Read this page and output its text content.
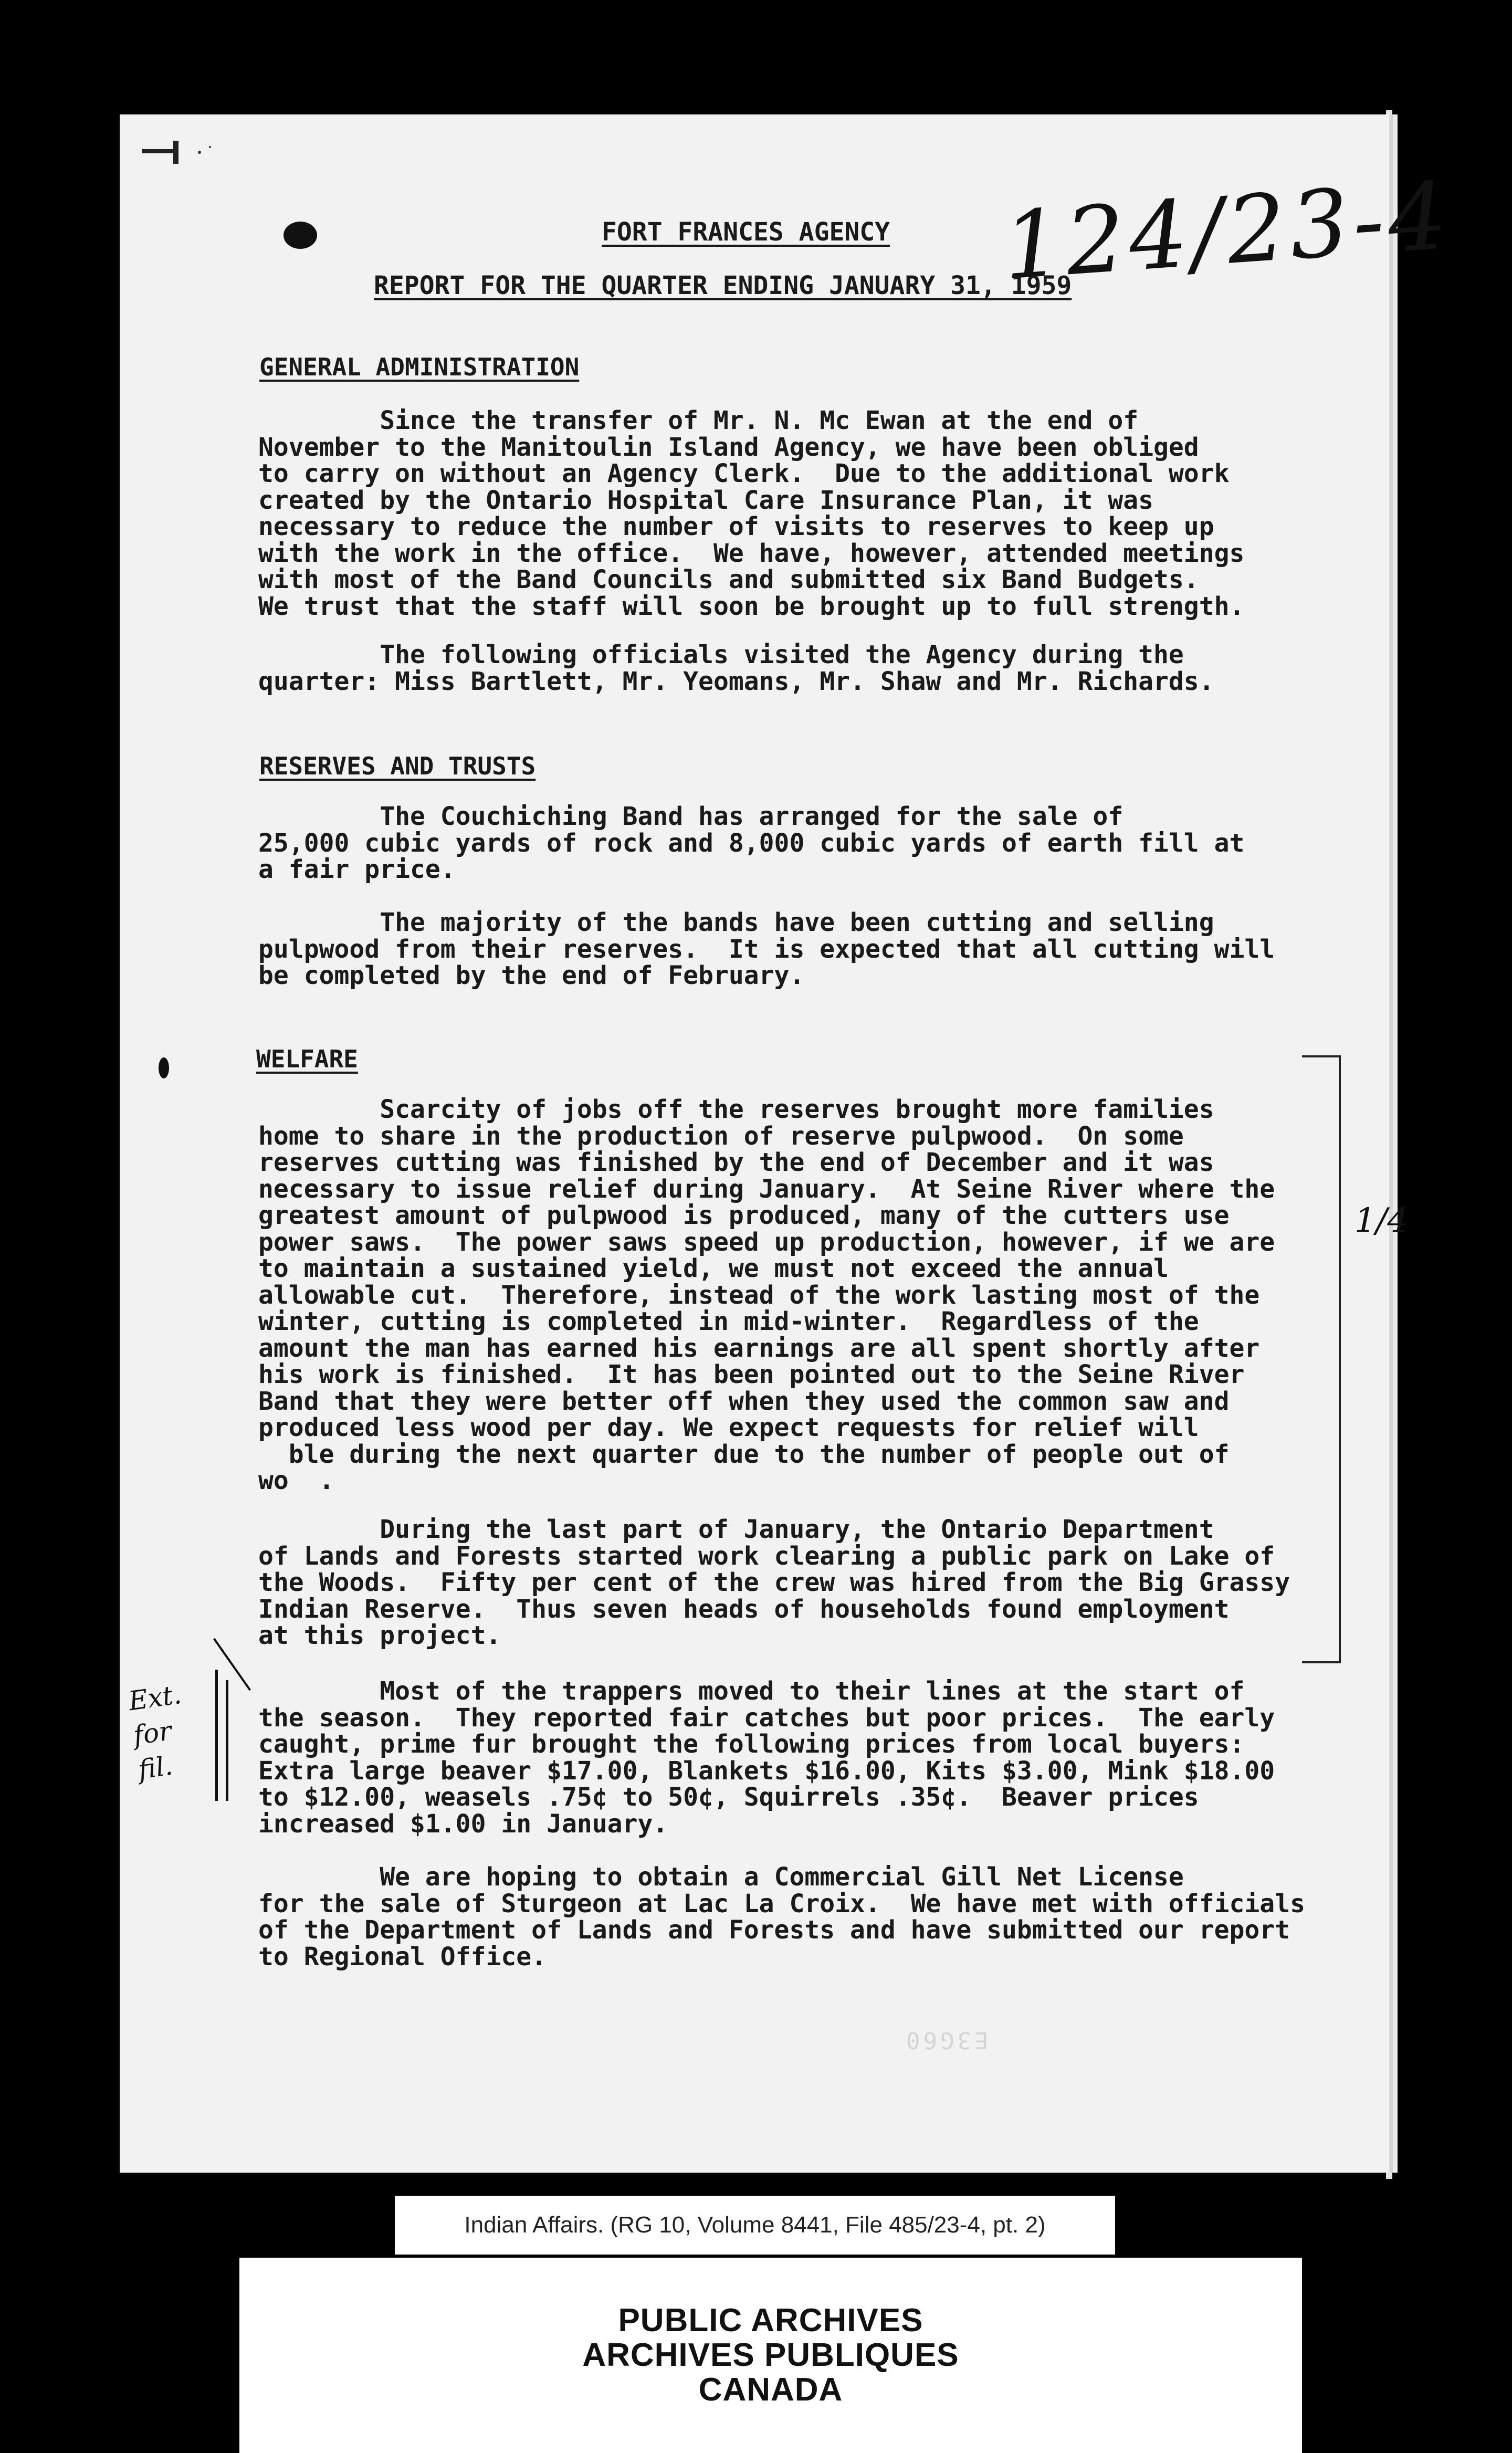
124/23-4
FORT FRANCES AGENCY
REPORT FOR THE QUARTER ENDING JANUARY 31, 1959
GENERAL ADMINISTRATION
Since the transfer of Mr. N. Mc Ewan at the end of
November to the Manitoulin Island Agency, we have been obliged
to carry on without an Agency Clerk.  Due to the additional work
created by the Ontario Hospital Care Insurance Plan, it was
necessary to reduce the number of visits to reserves to keep up
with the work in the office.  We have, however, attended meetings
with most of the Band Councils and submitted six Band Budgets.
We trust that the staff will soon be brought up to full strength.
The following officials visited the Agency during the
quarter: Miss Bartlett, Mr. Yeomans, Mr. Shaw and Mr. Richards.
RESERVES AND TRUSTS
The Couchiching Band has arranged for the sale of
25,000 cubic yards of rock and 8,000 cubic yards of earth fill at
a fair price.
The majority of the bands have been cutting and selling
pulpwood from their reserves.  It is expected that all cutting will
be completed by the end of February.
WELFARE
Scarcity of jobs off the reserves brought more families
home to share in the production of reserve pulpwood.  On some
reserves cutting was finished by the end of December and it was
necessary to issue relief during January.  At Seine River where the
greatest amount of pulpwood is produced, many of the cutters use
power saws.  The power saws speed up production, however, if we are
to maintain a sustained yield, we must not exceed the annual
allowable cut.  Therefore, instead of the work lasting most of the
winter, cutting is completed in mid-winter.  Regardless of the
amount the man has earned his earnings are all spent shortly after
his work is finished.  It has been pointed out to the Seine River
Band that they were better off when they used the common saw and
produced less wood per day. We expect requests for relief will
ble during the next quarter due to the number of people out of
wo  .
During the last part of January, the Ontario Department
of Lands and Forests started work clearing a public park on Lake of
the Woods.  Fifty per cent of the crew was hired from the Big Grassy
Indian Reserve.  Thus seven heads of households found employment
at this project.
Most of the trappers moved to their lines at the start of
the season.  They reported fair catches but poor prices.  The early
caught, prime fur brought the following prices from local buyers:
Extra large beaver $17.00, Blankets $16.00, Kits $3.00, Mink $18.00
to $12.00, weasels .75¢ to 50¢, Squirrels .35¢.  Beaver prices
increased $1.00 in January.
We are hoping to obtain a Commercial Gill Net License
for the sale of Sturgeon at Lac La Croix.  We have met with officials
of the Department of Lands and Forests and have submitted our report
to Regional Office.
1/4
Ext.
for
fil.
E3G60
Indian Affairs. (RG 10, Volume 8441, File 485/23-4, pt. 2)
PUBLIC ARCHIVES
ARCHIVES PUBLIQUES
CANADA
